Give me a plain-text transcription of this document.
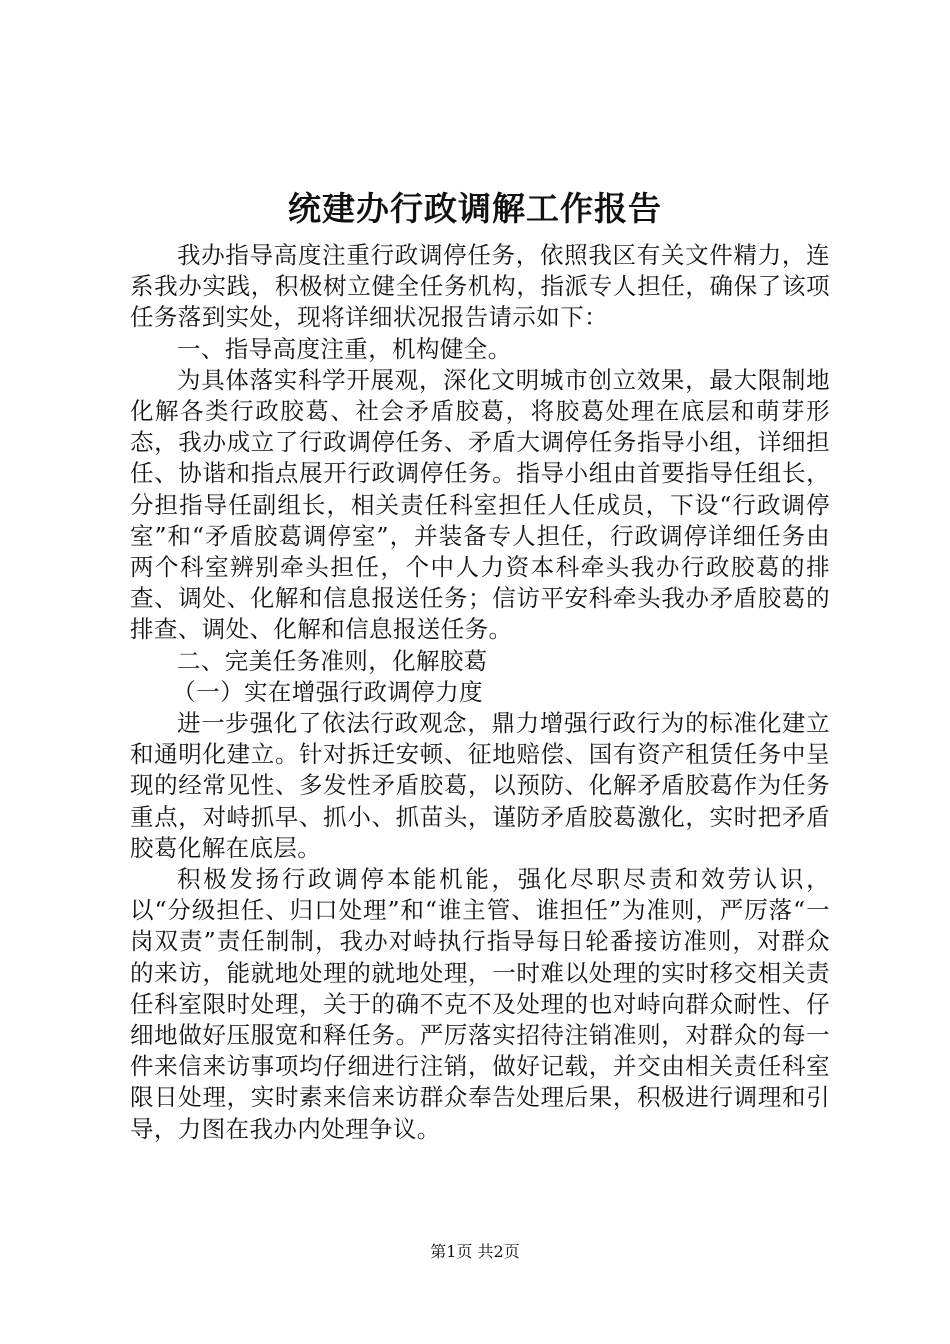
统建办行政调解工作报告

我办指导高度注重行政调停任务，依照我区有关文件精力，连系我办实践，积极树立健全任务机构，指派专人担任，确保了该项任务落到实处，现将详细状况报告请示如下：

一、指导高度注重，机构健全。

为具体落实科学开展观，深化文明城市创立效果，最大限制地化解各类行政胶葛、社会矛盾胶葛，将胶葛处理在底层和萌芽形态，我办成立了行政调停任务、矛盾大调停任务指导小组，详细担任、协谐和指点展开行政调停任务。指导小组由首要指导任组长，分担指导任副组长，相关责任科室担任人任成员，下设“行政调停室”和“矛盾胶葛调停室”，并装备专人担任，行政调停详细任务由两个科室辨别牵头担任，个中人力资本科牵头我办行政胶葛的排查、调处、化解和信息报送任务；信访平安科牵头我办矛盾胶葛的排查、调处、化解和信息报送任务。

二、完美任务准则，化解胶葛

（一）实在增强行政调停力度

进一步强化了依法行政观念，鼎力增强行政行为的标准化建立和通明化建立。针对拆迁安顿、征地赔偿、国有资产租赁任务中呈现的经常见性、多发性矛盾胶葛，以预防、化解矛盾胶葛作为任务重点，对峙抓早、抓小、抓苗头，谨防矛盾胶葛激化，实时把矛盾胶葛化解在底层。

积极发扬行政调停本能机能，强化尽职尽责和效劳认识，以“分级担任、归口处理”和“谁主管、谁担任”为准则，严厉落“一岗双责”责任制制，我办对峙执行指导每日轮番接访准则，对群众的来访，能就地处理的就地处理，一时难以处理的实时移交相关责任科室限时处理，关于的确不克不及处理的也对峙向群众耐性、仔细地做好压服宽和释任务。严厉落实招待注销准则，对群众的每一件来信来访事项均仔细进行注销，做好记载，并交由相关责任科室限日处理，实时素来信来访群众奉告处理后果，积极进行调理和引导，力图在我办内处理争议。

第1页 共2页
